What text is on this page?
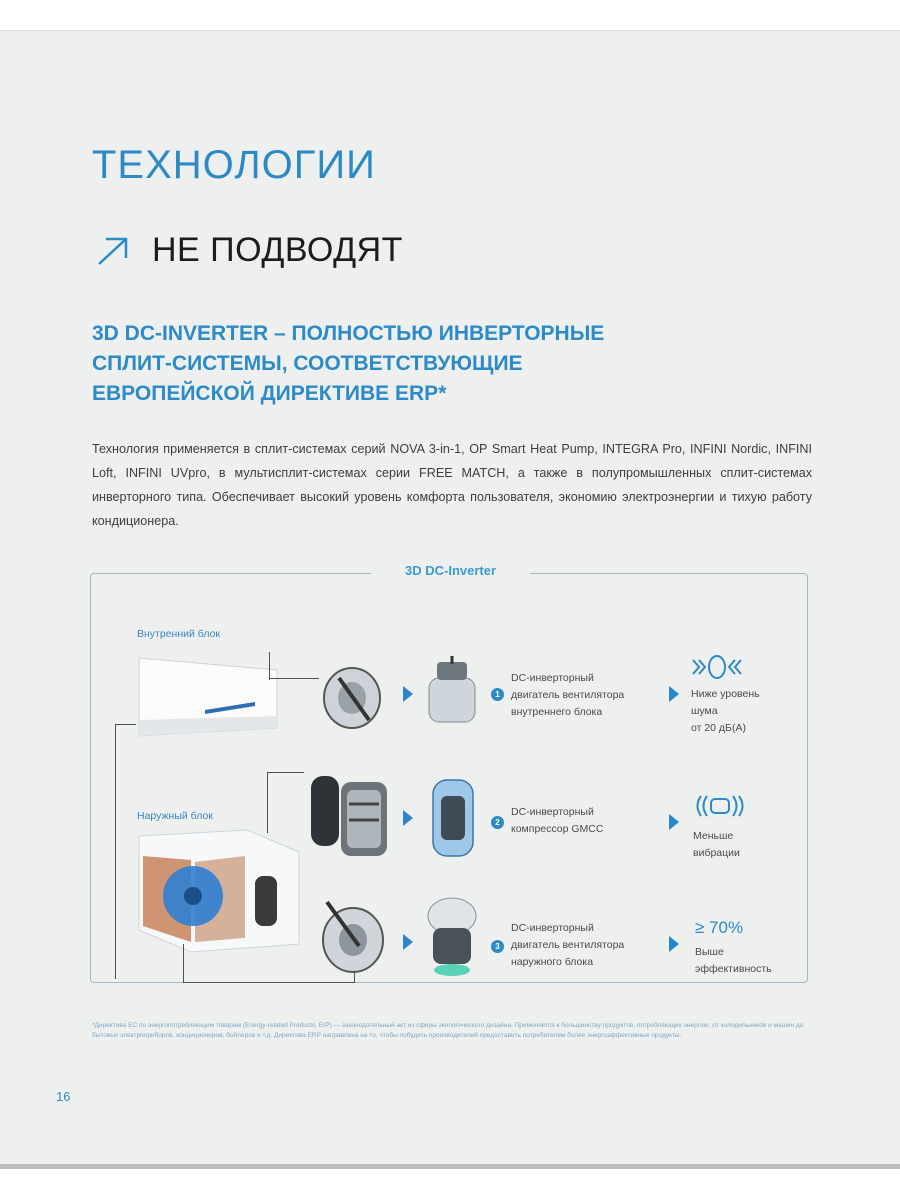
ТЕХНОЛОГИИ
НЕ ПОДВОДЯТ
3D DC-INVERTER – ПОЛНОСТЬЮ ИНВЕРТОРНЫЕ
СПЛИТ-СИСТЕМЫ, СООТВЕТСТВУЮЩИЕ
ЕВРОПЕЙСКОЙ ДИРЕКТИВЕ ERP*

Технология применяется в сплит-системах серий NOVA 3-in-1, OP Smart Heat Pump, INTEGRA Pro, INFINI Nordic, INFINI Loft, INFINI UVpro, в мультисплит-системах серии FREE MATCH, а также в полупромышленных сплит-системах инверторного типа. Обеспечивает высокий уровень комфорта пользователя, экономию электроэнергии и тихую работу кондиционера.

3D DC-Inverter
Внутренний блок
Наружный блок
1
DC-инверторный
двигатель вентилятора
внутреннего блока
Ниже уровень
шума
от 20 дБ(А)
2
DC-инверторный
компрессор GMCC
Меньше
вибрации
3
DC-инверторный
двигатель вентилятора
наружного блока
≥ 70%
Выше
эффективность

*Директива ЕС по энергопотребляющим товарам (Energy-related Products, ErP) — законодательный акт из сферы экологического дизайна. Применяется к большинству продуктов, потребляющих энергию: от холодильников и машин до бытовых электроприборов, кондиционеров, бойлеров и т.д. Директива ERP направлена на то, чтобы побудить производителей предоставить потребителям более энергоэффективные продукты.

16
